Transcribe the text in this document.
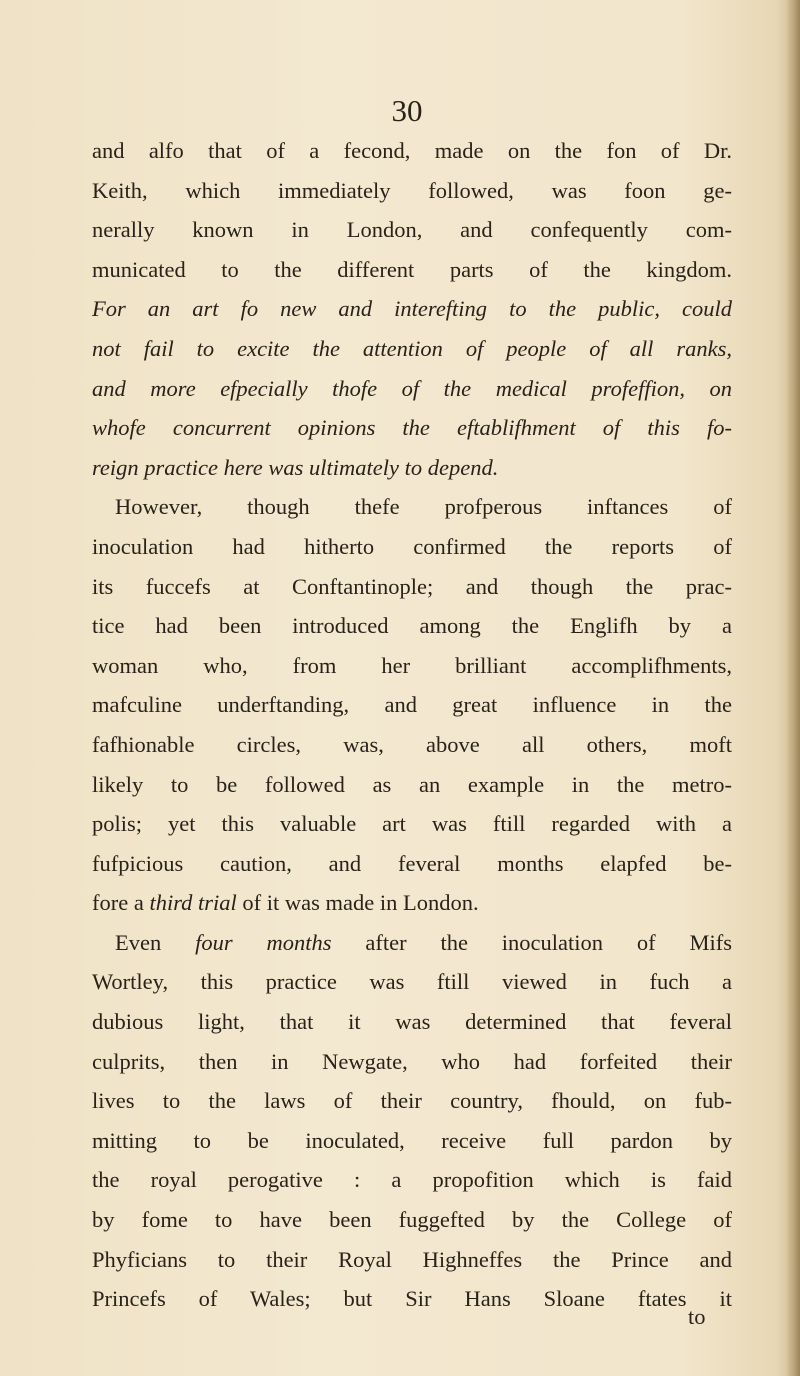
30
and alfo that of a fecond, made on the fon of Dr.
Keith, which immediately followed, was foon ge-
nerally known in London, and confequently com-
municated to the different parts of the kingdom.
For an art fo new and interefting to the public, could
not fail to excite the attention of people of all ranks,
and more efpecially thofe of the medical profeffion, on
whofe concurrent opinions the eftablifhment of this fo-
reign practice here was ultimately to depend.
However, though thefe profperous inftances of
inoculation had hitherto confirmed the reports of
its fuccefs at Conftantinople; and though the prac-
tice had been introduced among the Englifh by a
woman who, from her brilliant accomplifhments,
mafculine underftanding, and great influence in the
fafhionable circles, was, above all others, moft
likely to be followed as an example in the metro-
polis; yet this valuable art was ftill regarded with a
fufpicious caution, and feveral months elapfed be-
fore a third trial of it was made in London.
Even four months after the inoculation of Mifs
Wortley, this practice was ftill viewed in fuch a
dubious light, that it was determined that feveral
culprits, then in Newgate, who had forfeited their
lives to the laws of their country, fhould, on fub-
mitting to be inoculated, receive full pardon by
the royal perogative : a propofition which is faid
by fome to have been fuggefted by the College of
Phyficians to their Royal Highneffes the Prince and
Princefs of Wales; but Sir Hans Sloane ftates it
to
